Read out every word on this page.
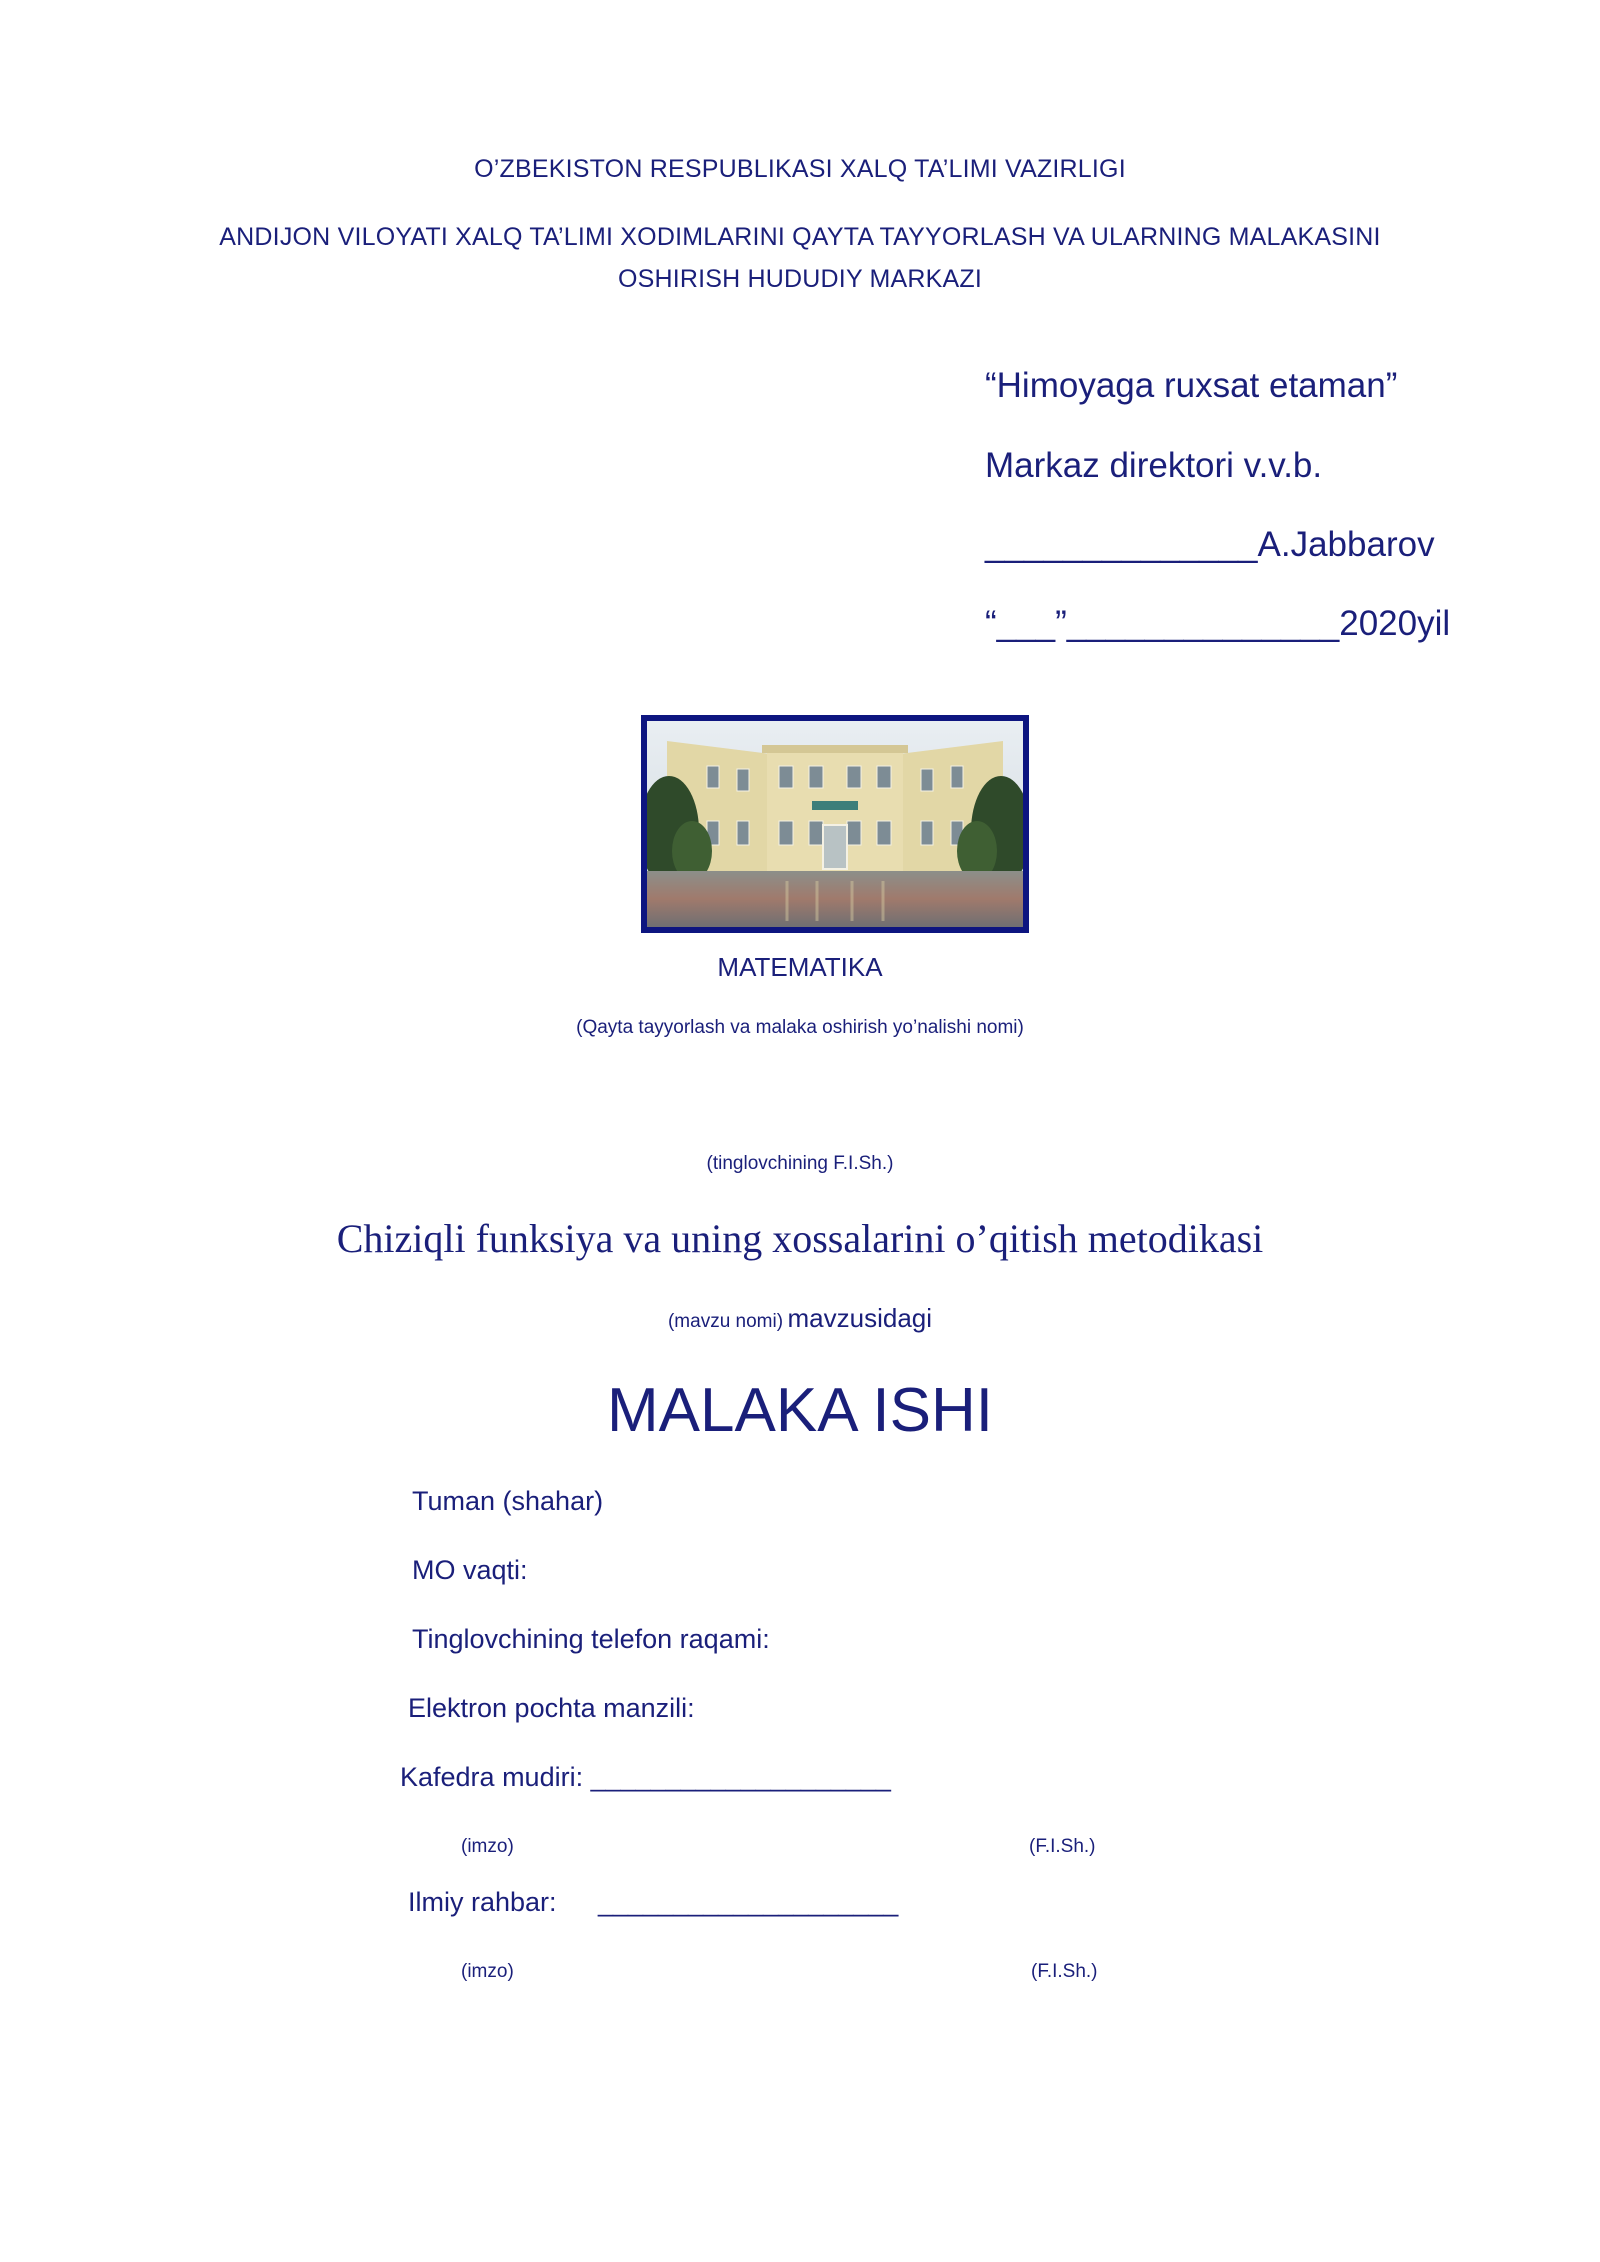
O’ZBEKISTON RESPUBLIKASI XALQ TA’LIMI VAZIRLIGI
ANDIJON VILOYATI XALQ TA’LIMI XODIMLARINI QAYTA TAYYORLASH VA ULARNING MALAKASINI
OSHIRISH HUDUDIY MARKAZI
“Himoyaga ruxsat etaman”
Markaz direktori v.v.b.
______________A.Jabbarov
“___”______________2020yil
MATEMATIKA
(Qayta tayyorlash va malaka oshirish yo’nalishi nomi)
(tinglovchining F.I.Sh.)
Chiziqli funksiya va uning xossalarini o’qitish metodikasi
(mavzu nomi) mavzusidagi
MALAKA ISHI
Tuman (shahar)
MO vaqti:
Tinglovchining telefon raqami:
Elektron pochta manzili:
Kafedra mudiri: ____________________
(imzo)	(F.I.Sh.)
Ilmiy rahbar: ____________________
(imzo)	(F.I.Sh.)
